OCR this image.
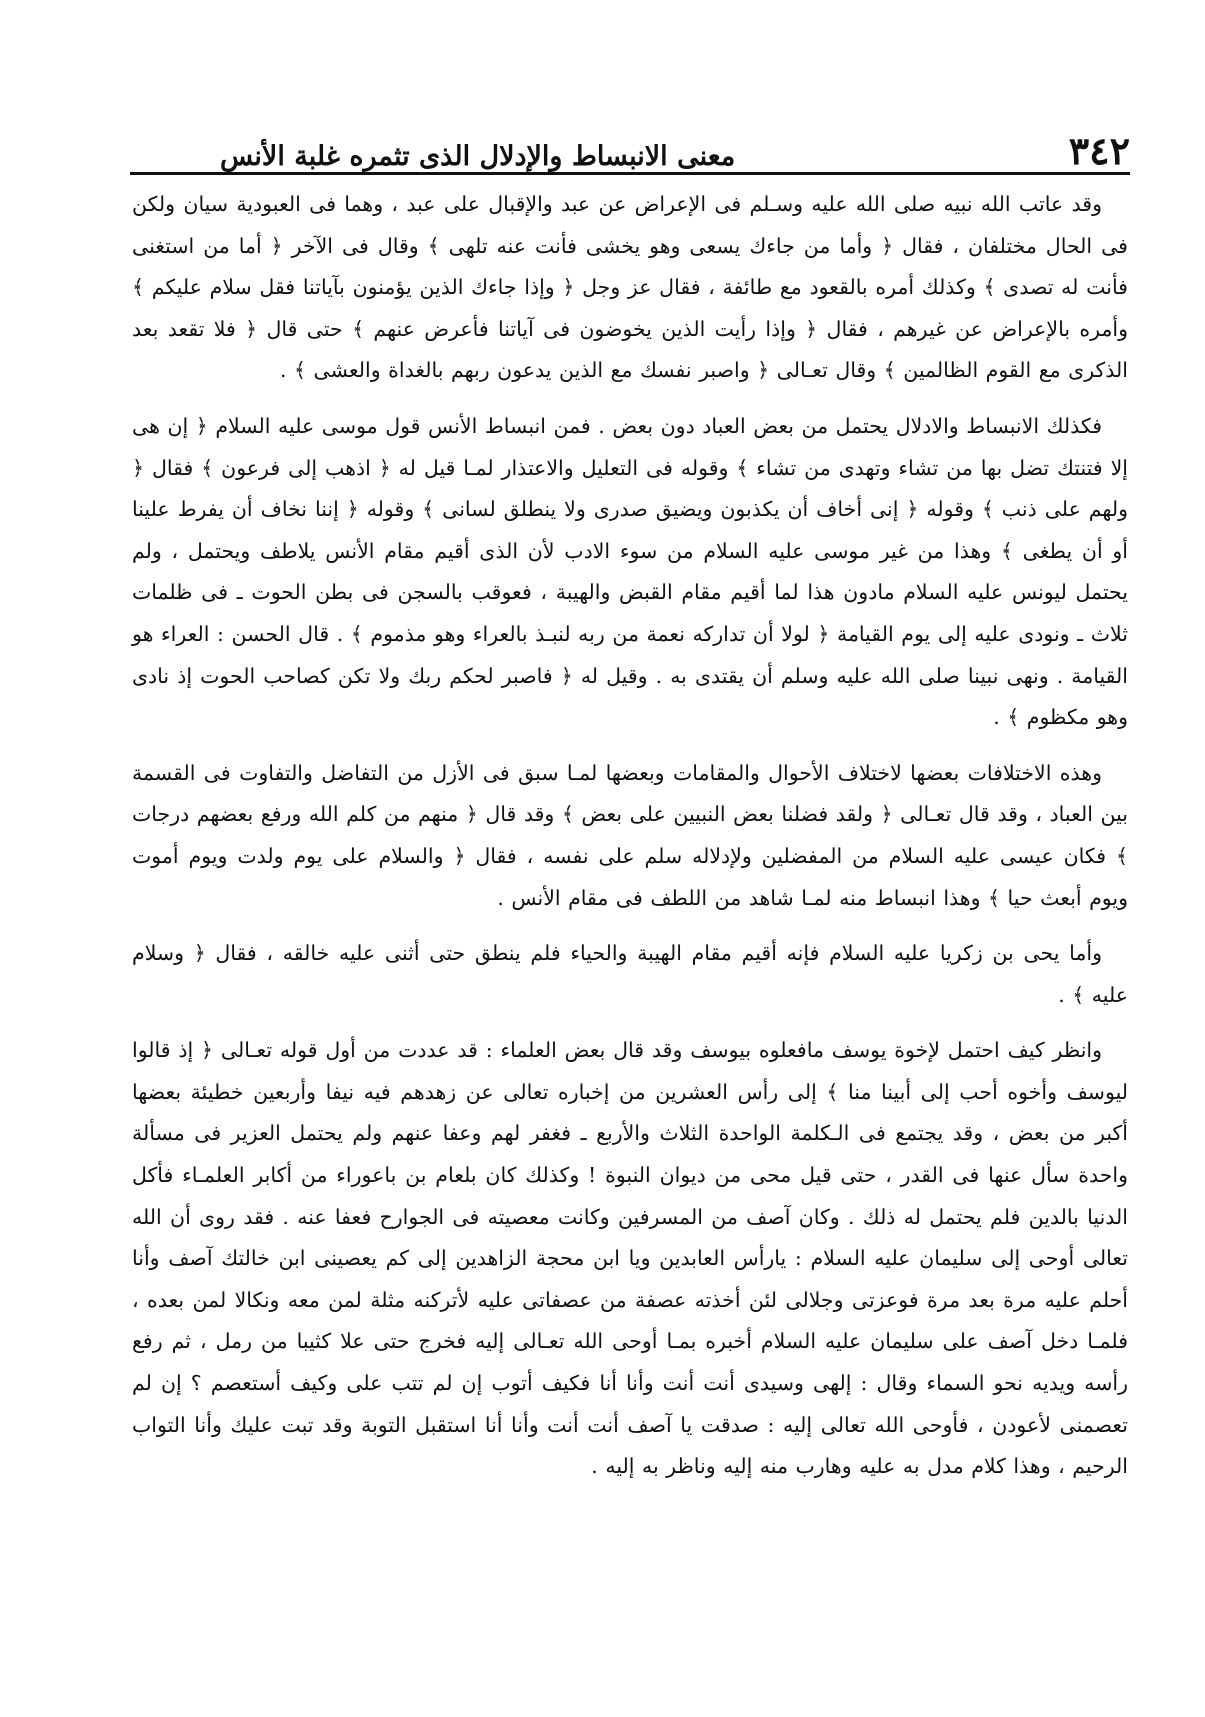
٣٤٢
معنى الانبساط والإدلال الذى تثمره غلبة الأنس

وقد عاتب الله نبيه صلى الله عليه وسـلم فى الإعراض عن عبد والإقبال على عبد ، وهما فى العبودية سيان ولكن فى الحال مختلفان ، فقال ﴿ وأما من جاءك يسعى وهو يخشى فأنت عنه تلهى ﴾ وقال فى الآخر ﴿ أما من استغنى فأنت له تصدى ﴾ وكذلك أمره بالقعود مع طائفة ، فقال عز وجل ﴿ وإذا جاءك الذين يؤمنون بآياتنا فقل سلام عليكم ﴾ وأمره بالإعراض عن غيرهم ، فقال ﴿ وإذا رأيت الذين يخوضون فى آياتنا فأعرض عنهم ﴾ حتى قال ﴿ فلا تقعد بعد الذكرى مع القوم الظالمين ﴾ وقال تعـالى ﴿ واصبر نفسك مع الذين يدعون ربهم بالغداة والعشى ﴾ .

فكذلك الانبساط والادلال يحتمل من بعض العباد دون بعض . فمن انبساط الأنس قول موسى عليه السلام ﴿ إن هى إلا فتنتك تضل بها من تشاء وتهدى من تشاء ﴾ وقوله فى التعليل والاعتذار لمـا قيل له ﴿ اذهب إلى فرعون ﴾ فقال ﴿ ولهم على ذنب ﴾ وقوله ﴿ إنى أخاف أن يكذبون ويضيق صدرى ولا ينطلق لسانى ﴾ وقوله ﴿ إننا نخاف أن يفرط علينا أو أن يطغى ﴾ وهذا من غير موسى عليه السلام من سوء الادب لأن الذى أقيم مقام الأنس يلاطف ويحتمل ، ولم يحتمل ليونس عليه السلام مادون هذا لما أقيم مقام القبض والهيبة ، فعوقب بالسجن فى بطن الحوت ـ فى ظلمات ثلاث ـ ونودى عليه إلى يوم القيامة ﴿ لولا أن تداركه نعمة من ربه لنبـذ بالعراء وهو مذموم ﴾ . قال الحسن : العراء هو القيامة . ونهى نبينا صلى الله عليه وسلم أن يقتدى به . وقيل له ﴿ فاصبر لحكم ربك ولا تكن كصاحب الحوت إذ نادى وهو مكظوم ﴾ .

وهذه الاختلافات بعضها لاختلاف الأحوال والمقامات وبعضها لمـا سبق فى الأزل من التفاضل والتفاوت فى القسمة بين العباد ، وقد قال تعـالى ﴿ ولقد فضلنا بعض النبيين على بعض ﴾ وقد قال ﴿ منهم من كلم الله ورفع بعضهم درجات ﴾ فكان عيسى عليه السلام من المفضلين ولإدلاله سلم على نفسه ، فقال ﴿ والسلام على يوم ولدت ويوم أموت ويوم أبعث حيا ﴾ وهذا انبساط منه لمـا شاهد من اللطف فى مقام الأنس .

وأما يحى بن زكريا عليه السلام فإنه أقيم مقام الهيبة والحياء فلم ينطق حتى أثنى عليه خالقه ، فقال ﴿ وسلام عليه ﴾ .

وانظر كيف احتمل لإخوة يوسف مافعلوه بيوسف وقد قال بعض العلماء : قد عددت من أول قوله تعـالى ﴿ إذ قالوا ليوسف وأخوه أحب إلى أبينا منا ﴾ إلى رأس العشرين من إخباره تعالى عن زهدهم فيه نيفا وأربعين خطيئة بعضها أكبر من بعض ، وقد يجتمع فى الـكلمة الواحدة الثلاث والأربع ـ فغفر لهم وعفا عنهم ولم يحتمل العزير فى مسألة واحدة سأل عنها فى القدر ، حتى قيل محى من ديوان النبوة ! وكذلك كان بلعام بن باعوراء من أكابر العلمـاء فأكل الدنيا بالدين فلم يحتمل له ذلك . وكان آصف من المسرفين وكانت معصيته فى الجوارح فعفا عنه . فقد روى أن الله تعالى أوحى إلى سليمان عليه السلام : يارأس العابدين ويا ابن محجة الزاهدين إلى كم يعصينى ابن خالتك آصف وأنا أحلم عليه مرة بعد مرة فوعزتى وجلالى لئن أخذته عصفة من عصفاتى عليه لأتركنه مثلة لمن معه ونكالا لمن بعده ، فلمـا دخل آصف على سليمان عليه السلام أخبره بمـا أوحى الله تعـالى إليه فخرج حتى علا كثيبا من رمل ، ثم رفع رأسه ويديه نحو السماء وقال : إلهى وسيدى أنت أنت وأنا أنا فكيف أتوب إن لم تتب على وكيف أستعصم ؟ إن لم تعصمنى لأعودن ، فأوحى الله تعالى إليه : صدقت يا آصف أنت أنت وأنا أنا استقبل التوبة وقد تبت عليك وأنا التواب الرحيم ، وهذا كلام مدل به عليه وهارب منه إليه وناظر به إليه .
